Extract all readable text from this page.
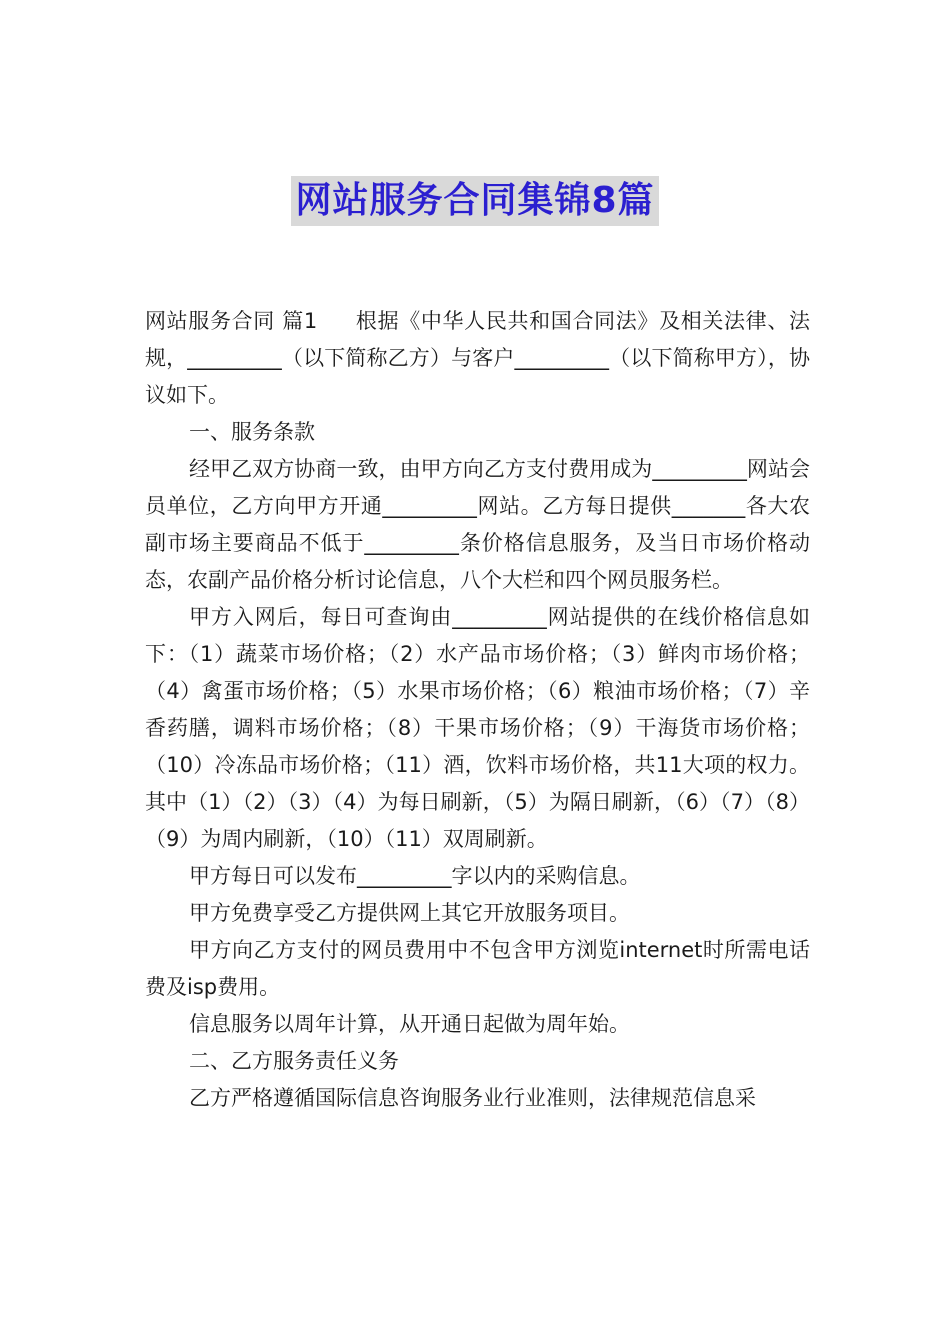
网站服务合同集锦8篇

网站服务合同 篇1 根据《中华人民共和国合同法》及相关法律、法规，_________（以下简称乙方）与客户_________（以下简称甲方），协议如下。

一、服务条款

经甲乙双方协商一致，由甲方向乙方支付费用成为_________网站会员单位，乙方向甲方开通_________网站。乙方每日提供_______各大农副市场主要商品不低于_________条价格信息服务，及当日市场价格动态，农副产品价格分析讨论信息，八个大栏和四个网员服务栏。

甲方入网后，每日可查询由_________网站提供的在线价格信息如下：（1）蔬菜市场价格；（2）水产品市场价格；（3）鲜肉市场价格；（4）禽蛋市场价格；（5）水果市场价格；（6）粮油市场价格；（7）辛香药膳，调料市场价格；（8）干果市场价格；（9）干海货市场价格；（10）冷冻品市场价格；（11）酒，饮料市场价格，共11大项的权力。其中（1）（2）（3）（4）为每日刷新，（5）为隔日刷新，（6）（7）（8）（9）为周内刷新，（10）（11）双周刷新。

甲方每日可以发布_________字以内的采购信息。

甲方免费享受乙方提供网上其它开放服务项目。

甲方向乙方支付的网员费用中不包含甲方浏览internet时所需电话费及isp费用。

信息服务以周年计算，从开通日起做为周年始。

二、乙方服务责任义务

乙方严格遵循国际信息咨询服务业行业准则，法律规范信息采
